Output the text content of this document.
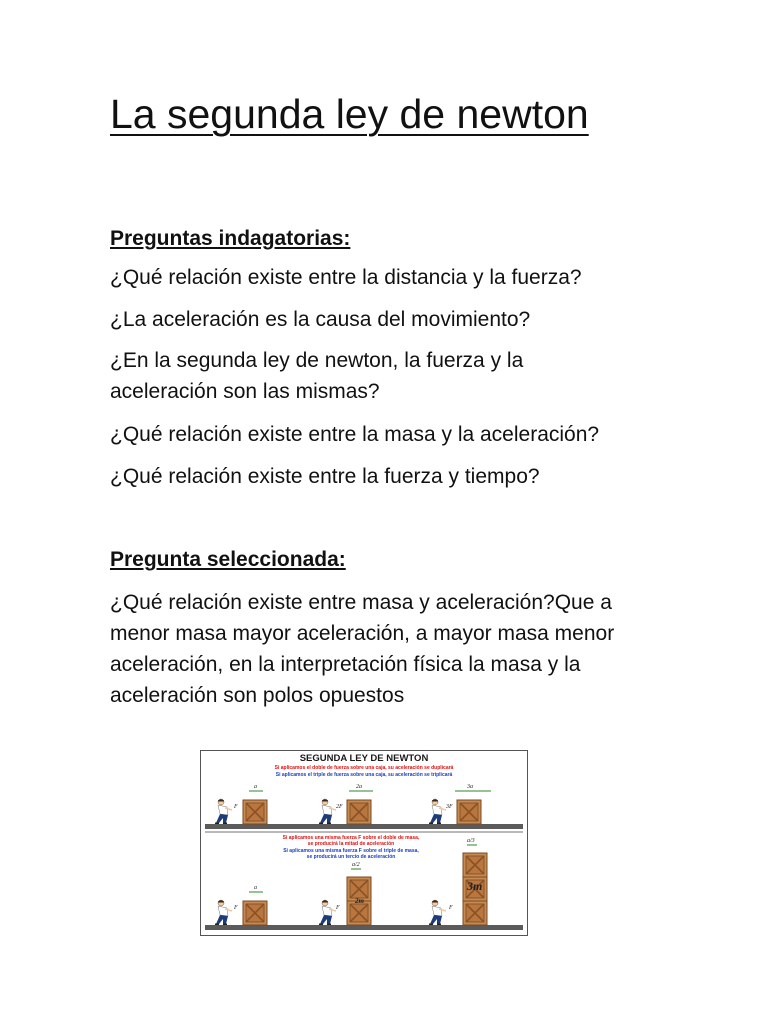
La segunda ley de newton
Preguntas indagatorias:

¿Qué relación existe entre la distancia y la fuerza?

¿La aceleración es la causa del movimiento?

¿En la segunda ley de newton, la fuerza y la aceleración son las mismas?

¿Qué relación existe entre la masa y la aceleración?

¿Qué relación existe entre la fuerza y tiempo?

Pregunta seleccionada:

¿Qué relación existe entre masa y aceleración?Que a menor masa mayor aceleración, a mayor masa menor aceleración, en la interpretación física la masa y la aceleración son polos opuestos

SEGUNDA LEY DE NEWTON
Si aplicamos el doble de fuerza sobre una caja, su aceleración se duplicará
Si aplicamos el triple de fuerza sobre una caja, su aceleración se triplicará
a
F
2a
2F
3a
3F
Si aplicamos una misma fuerza F sobre el doble de masa,
se producirá la mitad de aceleración
Si aplicamos una misma fuerza F sobre el triple de masa,
se producirá un tercio de aceleración
a
F
2m
a/2
F
3m
a/3
F
